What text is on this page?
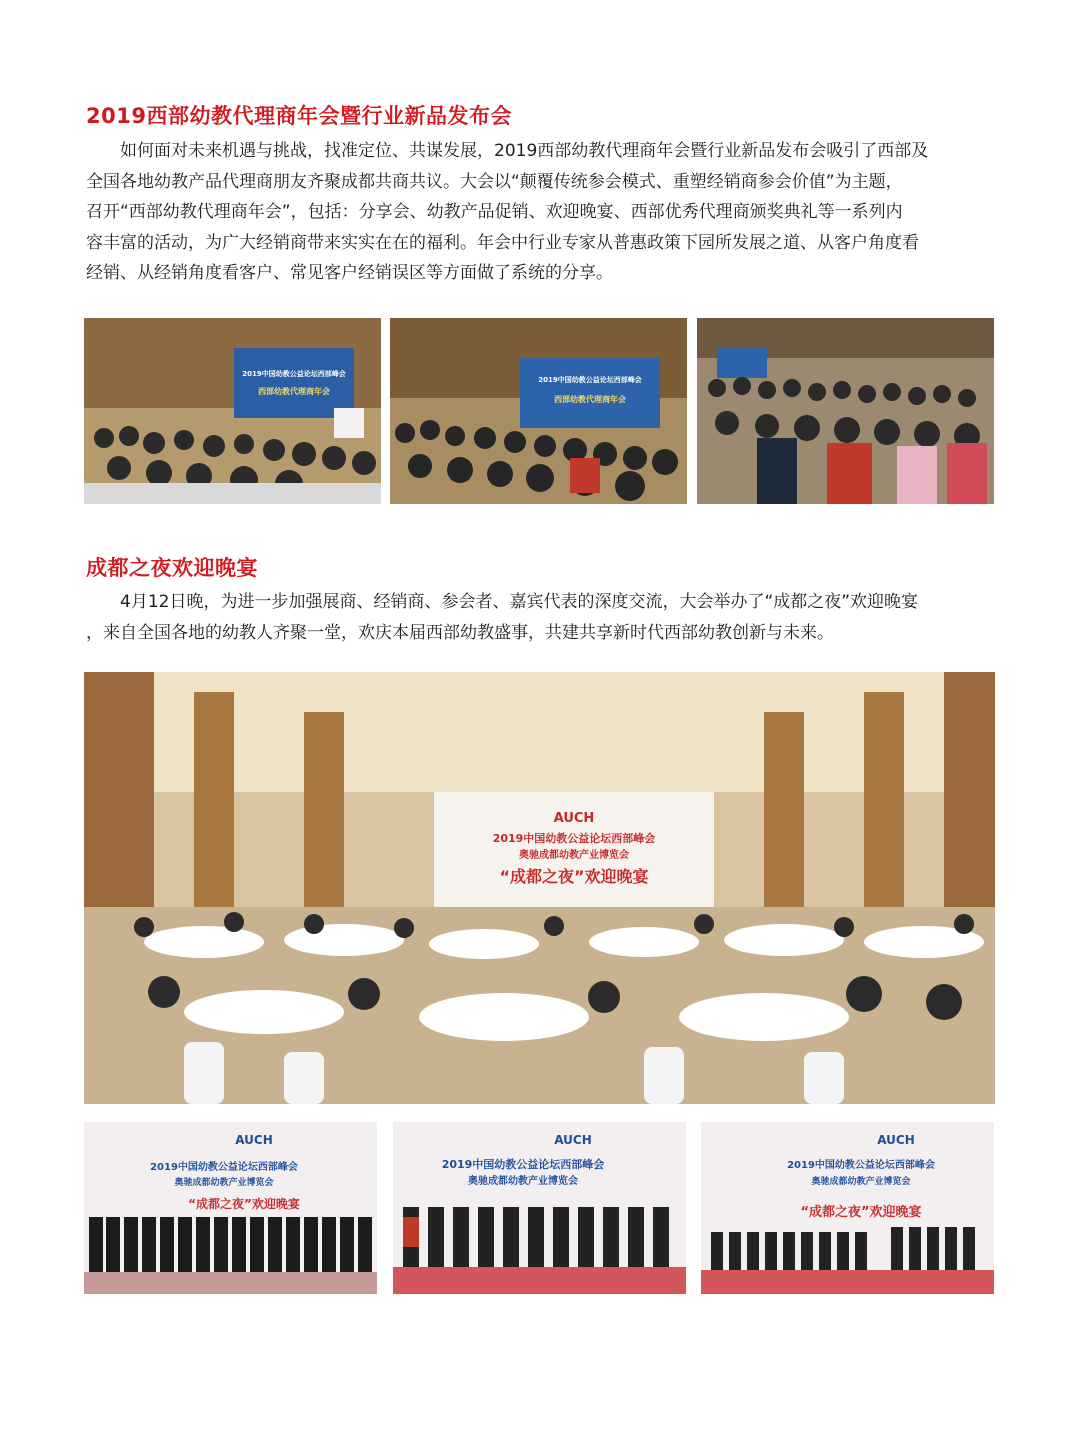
2019西部幼教代理商年会暨行业新品发布会
　　如何面对未来机遇与挑战，找准定位、共谋发展，2019西部幼教代理商年会暨行业新品发布会吸引了西部及
全国各地幼教产品代理商朋友齐聚成都共商共议。大会以“颠覆传统参会模式、重塑经销商参会价值”为主题，
召开“西部幼教代理商年会”，包括：分享会、幼教产品促销、欢迎晚宴、西部优秀代理商颁奖典礼等一系列内
容丰富的活动，为广大经销商带来实实在在的福利。年会中行业专家从普惠政策下园所发展之道、从客户角度看
经销、从经销角度看客户、常见客户经销误区等方面做了系统的分享。
2019中国幼教公益论坛西部峰会
西部幼教代理商年会
2019中国幼教公益论坛西部峰会
西部幼教代理商年会
成都之夜欢迎晚宴
　　4月12日晚，为进一步加强展商、经销商、参会者、嘉宾代表的深度交流，大会举办了“成都之夜”欢迎晚宴
，来自全国各地的幼教人齐聚一堂，欢庆本届西部幼教盛事，共建共享新时代西部幼教创新与未来。
AUCH
2019中国幼教公益论坛西部峰会
奥驰成都幼教产业博览会
“成都之夜”欢迎晚宴
AUCH
2019中国幼教公益论坛西部峰会
奥驰成都幼教产业博览会
“成都之夜”欢迎晚宴
AUCH
2019中国幼教公益论坛西部峰会
奥驰成都幼教产业博览会
AUCH
2019中国幼教公益论坛西部峰会
奥驰成都幼教产业博览会
“成都之夜”欢迎晚宴
